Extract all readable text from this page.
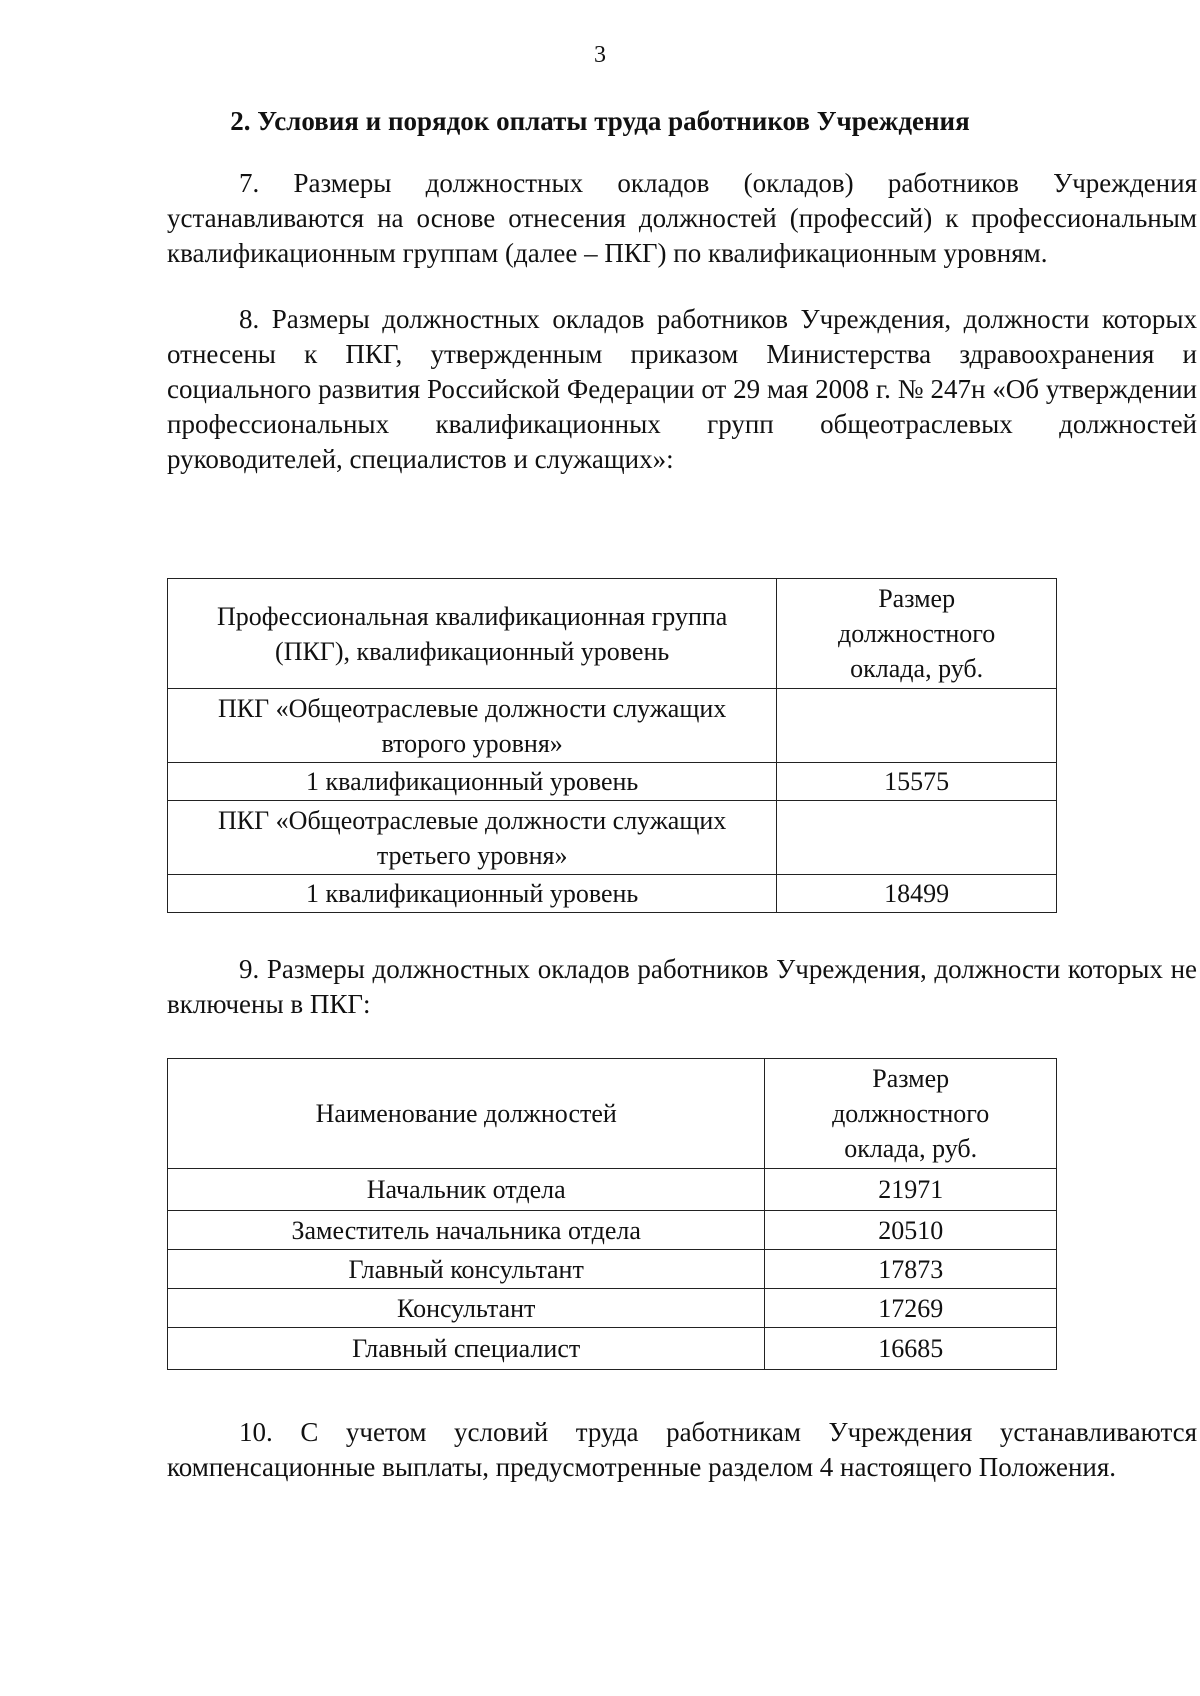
3
2. Условия и порядок оплаты труда работников Учреждения

7. Размеры должностных окладов (окладов) работников Учреждения устанавливаются на основе отнесения должностей (профессий) к профессиональным квалификационным группам (далее – ПКГ) по квалификационным уровням.

8. Размеры должностных окладов работников Учреждения, должности которых отнесены к ПКГ, утвержденным приказом Министерства здравоохранения и социального развития Российской Федерации от 29 мая 2008 г. № 247н «Об утверждении профессиональных квалификационных групп общеотраслевых должностей руководителей, специалистов и служащих»:

Профессиональная квалификационная группа (ПКГ), квалификационный уровень	Размер должностного оклада, руб.
ПКГ «Общеотраслевые должности служащих второго уровня»	
1 квалификационный уровень	15575
ПКГ «Общеотраслевые должности служащих третьего уровня»	
1 квалификационный уровень	18499

9. Размеры должностных окладов работников Учреждения, должности которых не включены в ПКГ:

Наименование должностей	Размер должностного оклада, руб.
Начальник отдела	21971
Заместитель начальника отдела	20510
Главный консультант	17873
Консультант	17269
Главный специалист	16685

10. С учетом условий труда работникам Учреждения устанавливаются компенсационные выплаты, предусмотренные разделом 4 настоящего Положения.
